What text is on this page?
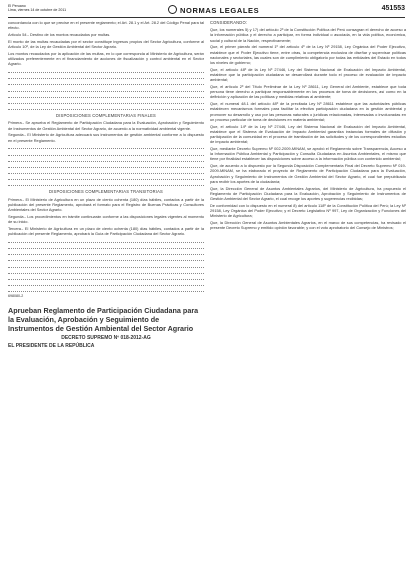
El Peruano
Lima, viernes 14 de octubre de 2011	NORMAS LEGALES	451553

concordancia con lo que se precise en el presente reglamento; el Art. 28.1 y el Art. 28.2 del Código Penal para tal efecto.

Artículo 54.- Destino de los montos recaudados por multas.

El monto de las multas recaudadas por el sector constituye ingresos propios del Sector Agricultura, conforme al Artículo 10º, de la Ley de Gestión Ambiental del Sector Agrario.

Los montos recaudados por la aplicación de las multas, en lo que corresponda al Ministerio de Agricultura, serán utilizados preferentemente en el financiamiento de acciones de fiscalización y control ambiental en el Sector Agrario.

DISPOSICIONES COMPLEMENTARIAS FINALES

Primera.- Se aprueba el Reglamento de Participación Ciudadana para la Evaluación, Aprobación y Seguimiento de Instrumentos de Gestión Ambiental del Sector Agrario, de acuerdo a la normatividad ambiental vigente.

Segunda.- El Ministerio de Agricultura adecuará sus instrumentos de gestión ambiental conforme a lo dispuesto en el presente Reglamento.

DISPOSICIONES COMPLEMENTARIAS TRANSITORIAS

Primera.- El Ministerio de Agricultura en un plazo de ciento ochenta (180) días hábiles, contados a partir de la publicación del presente Reglamento, aprobará el formato para el Registro de Buenas Prácticas y Consultores Ambientales del Sector Agrario.

Segunda.- Los procedimientos en trámite continuarán conforme a las disposiciones legales vigentes al momento de su inicio.

Tercera.- El Ministerio de Agricultura en un plazo de ciento ochenta (180) días hábiles, contados a partir de la publicación del presente Reglamento, aprobará la Guía de Participación Ciudadana del Sector Agrario.

698080-2
Aprueban Reglamento de Participación Ciudadana para la Evaluación, Aprobación y Seguimiento de Instrumentos de Gestión Ambiental del Sector Agrario
DECRETO SUPREMO Nº 018-2012-AG
EL PRESIDENTE DE LA REPÚBLICA
CONSIDERANDO:

Que, los numerales 5) y 17) del artículo 2º de la Constitución Política del Perú consagran el derecho de acceso a la información pública y el derecho a participar, en forma individual o asociada, en la vida política, económica, social y cultural de la Nación, respectivamente;

Que, el primer párrafo del numeral 1º del artículo 4º de la Ley Nº 29158, Ley Orgánica del Poder Ejecutivo, establece que el Poder Ejecutivo tiene, entre otras, la competencia exclusiva de diseñar y supervisar políticas nacionales y sectoriales, las cuales son de cumplimiento obligatorio por todas las entidades del Estado en todos los niveles de gobierno;

Que, el artículo 48º de la Ley Nº 27446, Ley del Sistema Nacional de Evaluación del Impacto Ambiental, establece que la participación ciudadana se desarrollará durante todo el proceso de evaluación de impacto ambiental;

Que, el artículo 2º del Título Preliminar de la Ley Nº 28611, Ley General del Ambiente, establece que toda persona tiene derecho a participar responsablemente en los procesos de toma de decisiones, así como en la definición y aplicación de las políticas y medidas relativas al ambiente;

Que, el numeral 48.1 del artículo 48º de la precitada Ley Nº 28611 establece que las autoridades públicas establecen mecanismos formales para facilitar la efectiva participación ciudadana en la gestión ambiental y promover su desarrollo y uso por las personas naturales o jurídicas relacionadas, interesadas o involucradas en un proceso particular de toma de decisiones en materia ambiental;

Que, el artículo 14º de la Ley Nº 27446, Ley del Sistema Nacional de Evaluación del Impacto Ambiental, establece que el Sistema de Evaluación de Impacto Ambiental garantiza instancias formales de difusión y participación de la comunidad en el proceso de tramitación de las solicitudes y de los correspondientes estudios de impacto ambiental;

Que, mediante Decreto Supremo Nº 002-2009-MINAM, se aprobó el Reglamento sobre Transparencia, Acceso a la Información Pública Ambiental y Participación y Consulta Ciudadana en Asuntos Ambientales, el mismo que tiene por finalidad establecer las disposiciones sobre acceso a la información pública con contenido ambiental;

Que, de acuerdo a lo dispuesto por la Segunda Disposición Complementaria Final del Decreto Supremo Nº 019-2009-MINAM, se ha elaborado el proyecto de Reglamento de Participación Ciudadana para la Evaluación, Aprobación y Seguimiento de Instrumentos de Gestión Ambiental del Sector Agrario, el cual fue prepublicado para recibir los aportes de la ciudadanía;

Que, la Dirección General de Asuntos Ambientales Agrarios, del Ministerio de Agricultura, ha propuesto el Reglamento de Participación Ciudadana para la Evaluación, Aprobación y Seguimiento de Instrumentos de Gestión Ambiental del Sector Agrario, el cual recoge los aportes y sugerencias recibidas;

De conformidad con lo dispuesto en el numeral 8) del artículo 118º de la Constitución Política del Perú; la Ley Nº 29158, Ley Orgánica del Poder Ejecutivo; y el Decreto Legislativo Nº 997, Ley de Organización y Funciones del Ministerio de Agricultura;

Que, la Dirección General de Asuntos Ambientales Agrarios, en el marco de sus competencias, ha revisado el presente Decreto Supremo y emitido opinión favorable; y con el voto aprobatorio del Consejo de Ministros;
